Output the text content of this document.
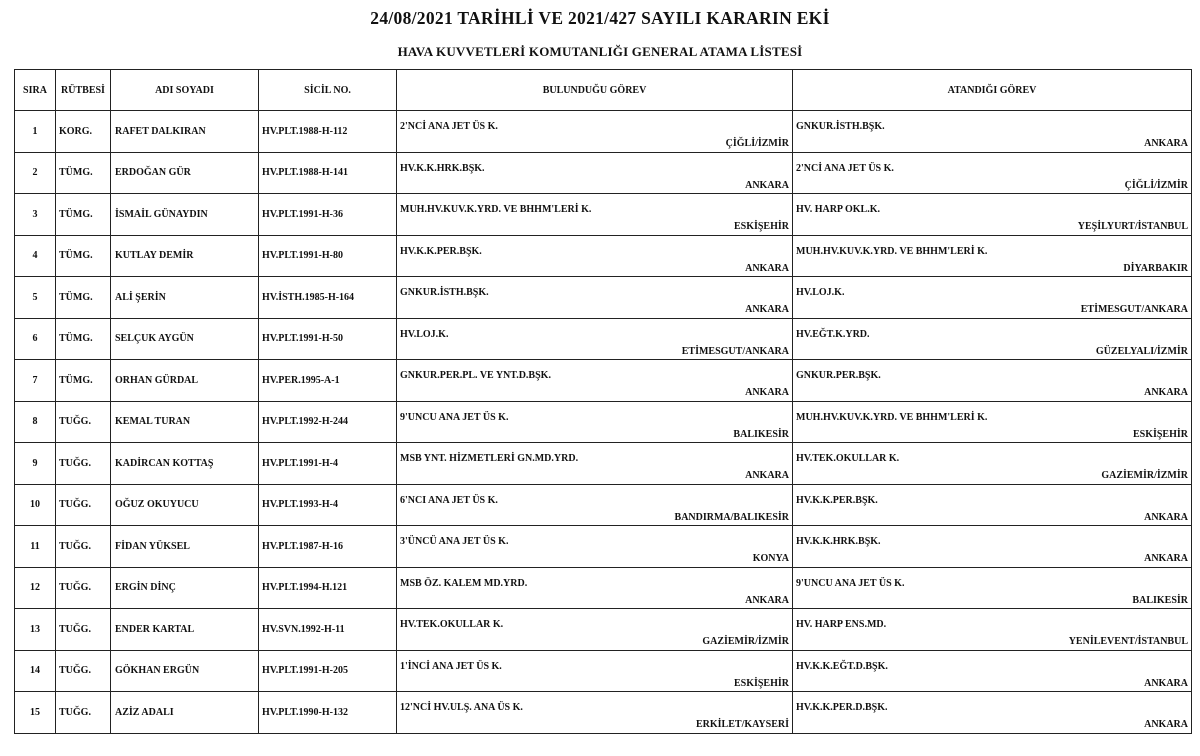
24/08/2021 TARİHLİ VE 2021/427 SAYILI KARARIN EKİ
HAVA KUVVETLERİ KOMUTANLIĞI GENERAL ATAMA LİSTESİ
SIRA	RÜTBESİ	ADI SOYADI	SİCİL NO.	BULUNDUĞU GÖREV	ATANDIĞI GÖREV
1	KORG.	RAFET DALKIRAN	HV.PLT.1988-H-112	2'NCİ ANA JET ÜS K.
ÇİĞLİ/İZMİR	GNKUR.İSTH.BŞK.
ANKARA

2	TÜMG.	ERDOĞAN GÜR	HV.PLT.1988-H-141	HV.K.K.HRK.BŞK.
ANKARA	2'NCİ ANA JET ÜS K.
ÇİĞLİ/İZMİR

3	TÜMG.	İSMAİL GÜNAYDIN	HV.PLT.1991-H-36	MUH.HV.KUV.K.YRD. VE BHHM'LERİ K.
ESKİŞEHİR	HV. HARP OKL.K.
YEŞİLYURT/İSTANBUL

4	TÜMG.	KUTLAY DEMİR	HV.PLT.1991-H-80	HV.K.K.PER.BŞK.
ANKARA	MUH.HV.KUV.K.YRD. VE BHHM'LERİ K.
DİYARBAKIR

5	TÜMG.	ALİ ŞERİN	HV.İSTH.1985-H-164	GNKUR.İSTH.BŞK.
ANKARA	HV.LOJ.K.
ETİMESGUT/ANKARA

6	TÜMG.	SELÇUK AYGÜN	HV.PLT.1991-H-50	HV.LOJ.K.
ETİMESGUT/ANKARA	HV.EĞT.K.YRD.
GÜZELYALI/İZMİR

7	TÜMG.	ORHAN GÜRDAL	HV.PER.1995-A-1	GNKUR.PER.PL. VE YNT.D.BŞK.
ANKARA	GNKUR.PER.BŞK.
ANKARA

8	TUĞG.	KEMAL TURAN	HV.PLT.1992-H-244	9'UNCU ANA JET ÜS K.
BALIKESİR	MUH.HV.KUV.K.YRD. VE BHHM'LERİ K.
ESKİŞEHİR

9	TUĞG.	KADİRCAN KOTTAŞ	HV.PLT.1991-H-4	MSB YNT. HİZMETLERİ GN.MD.YRD.
ANKARA	HV.TEK.OKULLAR K.
GAZİEMİR/İZMİR

10	TUĞG.	OĞUZ OKUYUCU	HV.PLT.1993-H-4	6'NCI ANA JET ÜS K.
BANDIRMA/BALIKESİR	HV.K.K.PER.BŞK.
ANKARA

11	TUĞG.	FİDAN YÜKSEL	HV.PLT.1987-H-16	3'ÜNCÜ ANA JET ÜS K.
KONYA	HV.K.K.HRK.BŞK.
ANKARA

12	TUĞG.	ERGİN DİNÇ	HV.PLT.1994-H.121	MSB ÖZ. KALEM MD.YRD.
ANKARA	9'UNCU ANA JET ÜS K.
BALIKESİR

13	TUĞG.	ENDER KARTAL	HV.SVN.1992-H-11	HV.TEK.OKULLAR K.
GAZİEMİR/İZMİR	HV. HARP ENS.MD.
YENİLEVENT/İSTANBUL

14	TUĞG.	GÖKHAN ERGÜN	HV.PLT.1991-H-205	1'İNCİ ANA JET ÜS K.
ESKİŞEHİR	HV.K.K.EĞT.D.BŞK.
ANKARA

15	TUĞG.	AZİZ ADALI	HV.PLT.1990-H-132	12'NCİ HV.ULŞ. ANA ÜS K.
ERKİLET/KAYSERİ	HV.K.K.PER.D.BŞK.
ANKARA
